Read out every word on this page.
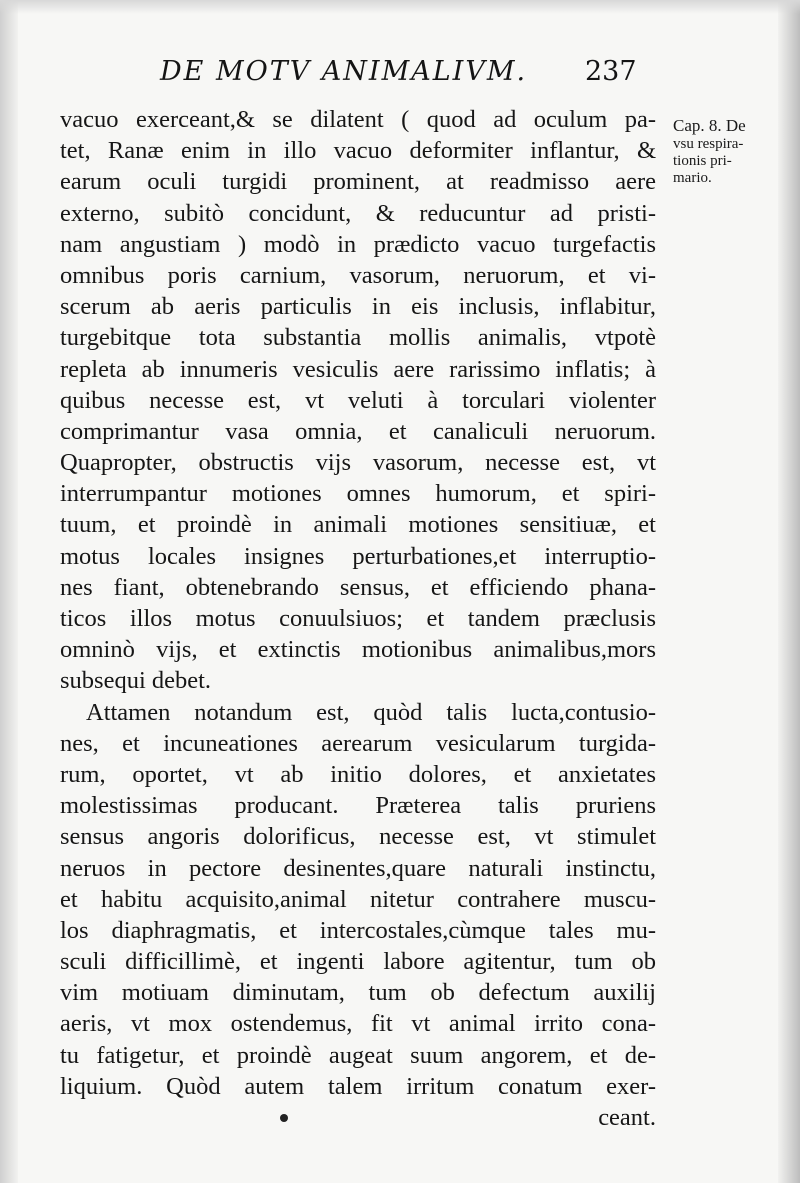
DE MOTV ANIMALIVM.	237
vacuo exerceant,& se dilatent ( quod ad oculum pa-
tet, Ranæ enim in illo vacuo deformiter inflantur, &
earum oculi turgidi prominent, at readmisso aere
externo, subitò concidunt, & reducuntur ad pristi-
nam angustiam ) modò in prædicto vacuo turgefactis
omnibus poris carnium, vasorum, neruorum, et vi-
scerum ab aeris particulis in eis inclusis, inflabitur,
turgebitque tota substantia mollis animalis, vtpotè
repleta ab innumeris vesiculis aere rarissimo inflatis; à
quibus necesse est, vt veluti à torculari violenter
comprimantur vasa omnia, et canaliculi neruorum.
Quapropter, obstructis vijs vasorum, necesse est, vt
interrumpantur motiones omnes humorum, et spiri-
tuum, et proindè in animali motiones sensitiuæ, et
motus locales insignes perturbationes,et interruptio-
nes fiant, obtenebrando sensus, et efficiendo phana-
ticos illos motus conuulsiuos; et tandem præclusis
omninò vijs, et extinctis motionibus animalibus,mors
subsequi debet.
Attamen notandum est, quòd talis lucta,contusio-
nes, et incuneationes aerearum vesicularum turgida-
rum, oportet, vt ab initio dolores, et anxietates
molestissimas producant. Præterea talis pruriens
sensus angoris dolorificus, necesse est, vt stimulet
neruos in pectore desinentes,quare naturali instinctu,
et habitu acquisito,animal nitetur contrahere muscu-
los diaphragmatis, et intercostales,cùmque tales mu-
sculi difficillimè, et ingenti labore agitentur, tum ob
vim motiuam diminutam, tum ob defectum auxilij
aeris, vt mox ostendemus, fit vt animal irrito cona-
tu fatigetur, et proindè augeat suum angorem, et de-
liquium. Quòd autem talem irritum conatum exer-
ceant.
Cap. 8. De
vsu respira-
tionis pri-
mario.
